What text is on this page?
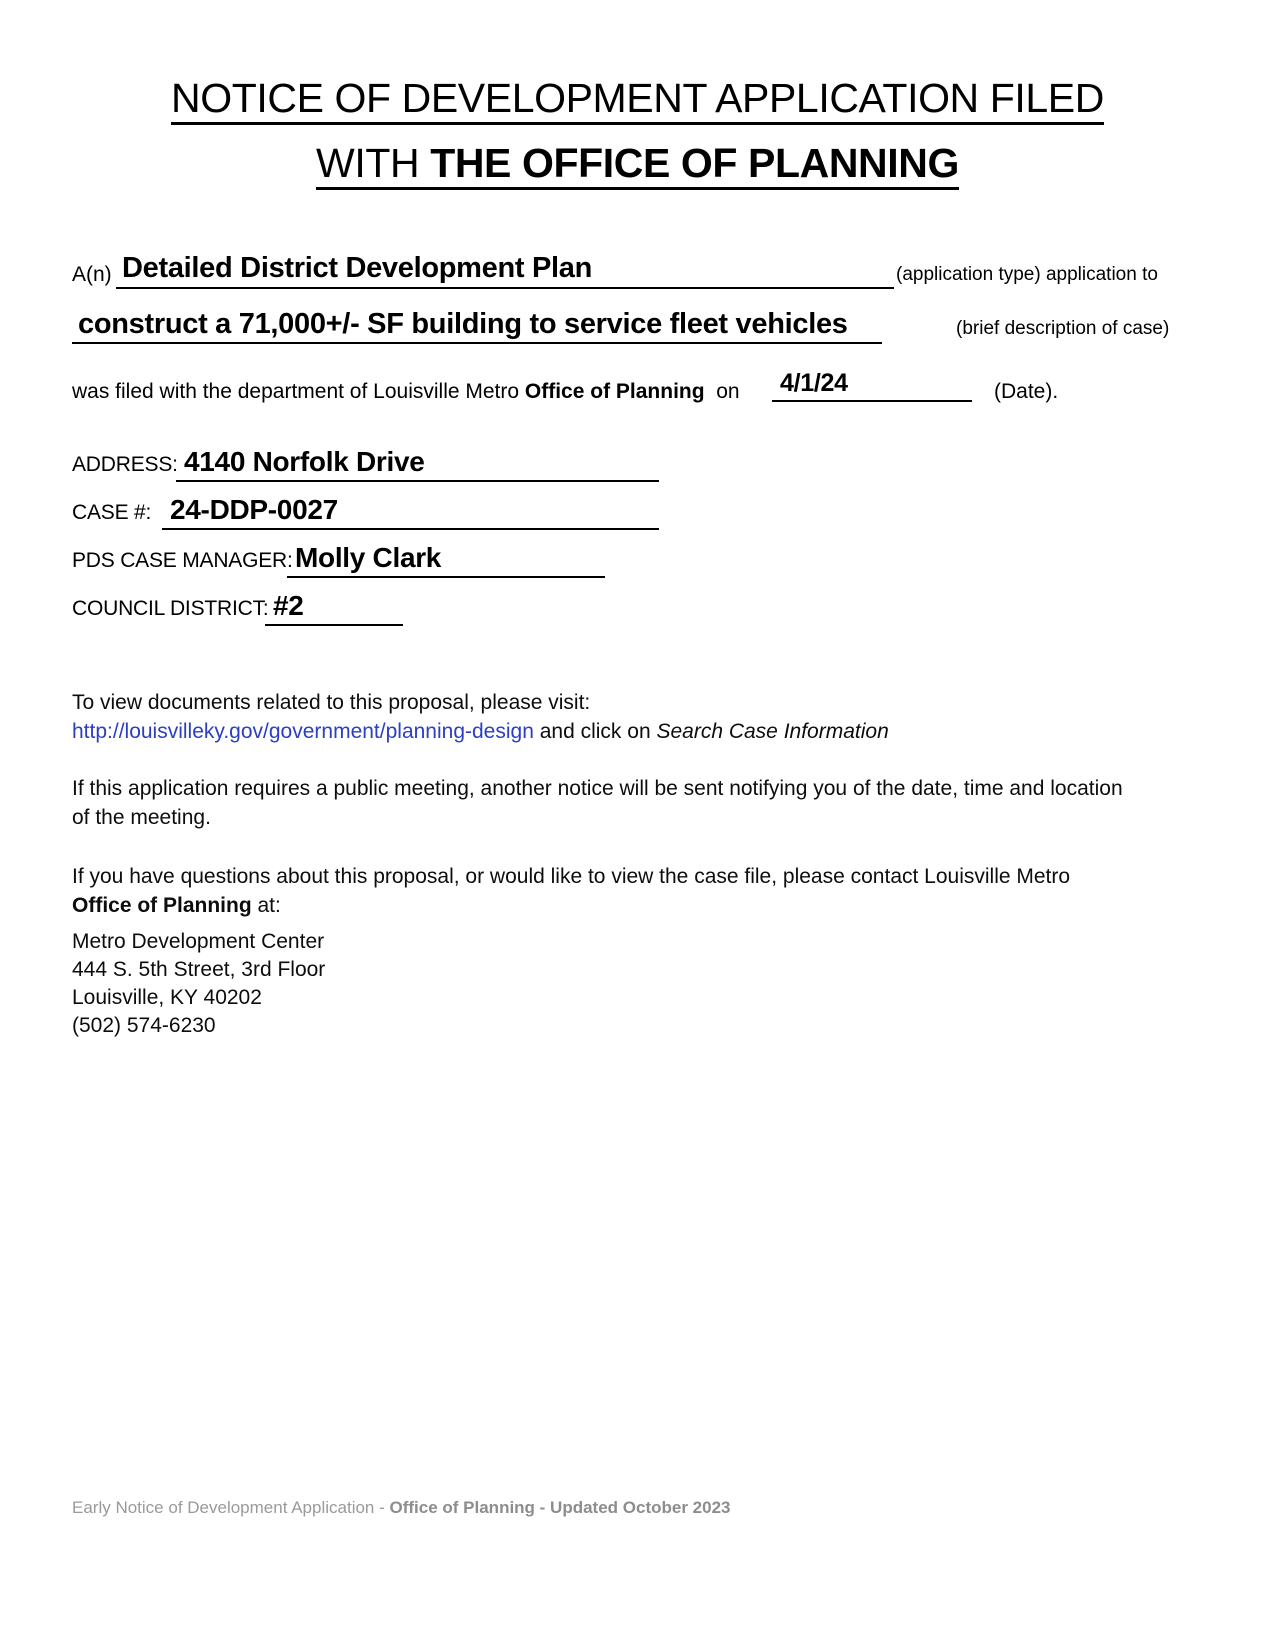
NOTICE OF DEVELOPMENT APPLICATION FILED
WITH THE OFFICE OF PLANNING
A(n) Detailed District Development Plan	(application type) application to
construct a 71,000+/- SF building to service fleet vehicles	(brief description of case)
was filed with the department of Louisville Metro Office of Planning on 4/1/24	(Date).
ADDRESS: 4140 Norfolk Drive
CASE #: 24-DDP-0027
PDS CASE MANAGER: Molly Clark
COUNCIL DISTRICT: #2
To view documents related to this proposal, please visit:
http://louisvilleky.gov/government/planning-design and click on Search Case Information
If this application requires a public meeting, another notice will be sent notifying you of the date, time and location of the meeting.
If you have questions about this proposal, or would like to view the case file, please contact Louisville Metro Office of Planning at:
Metro Development Center
444 S. 5th Street, 3rd Floor
Louisville, KY 40202
(502) 574-6230
Early Notice of Development Application - Office of Planning - Updated October 2023
